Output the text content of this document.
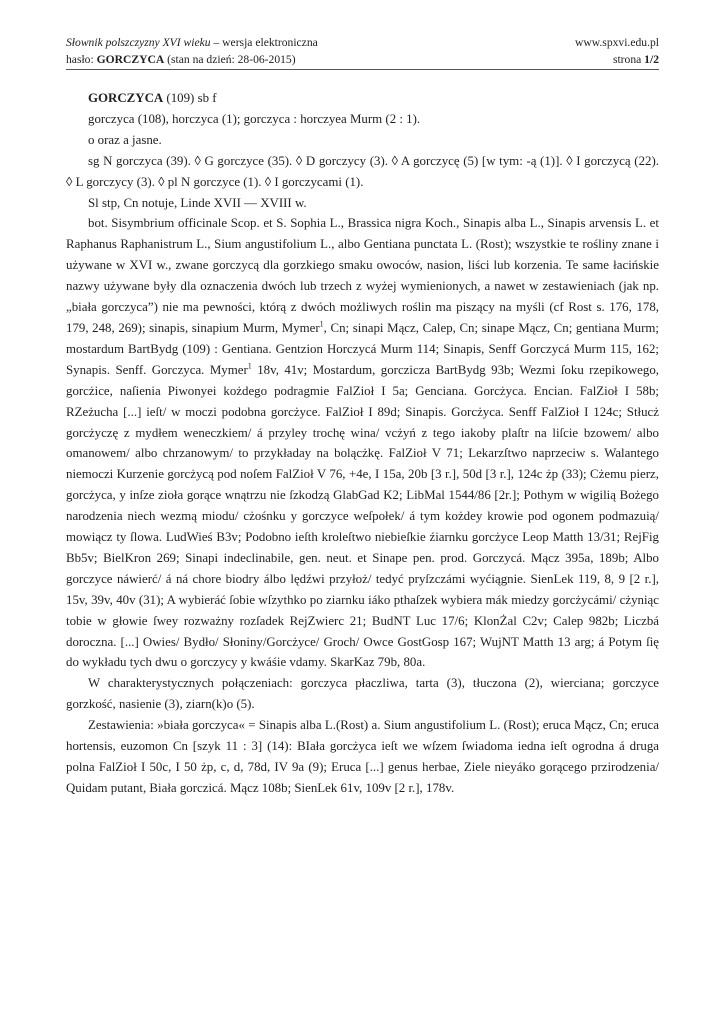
Słownik polszczyzny XVI wieku – wersja elektroniczna
hasło: GORCZYCA (stan na dzień: 28-06-2015)
www.spxvi.edu.pl
strona 1/2

GORCZYCA (109) sb f

gorczyca (108), horczyca (1); gorczyca : horczyea Murm (2 : 1).

o oraz a jasne.

sg N gorczyca (39). ◊ G gorczyce (35). ◊ D gorczycy (3). ◊ A gorczycę (5) [w tym: -ą (1)]. ◊ I gorczycą (22). ◊ L gorczycy (3). ◊ pl N gorczyce (1). ◊ I gorczycami (1).

Sl stp, Cn notuje, Linde XVII — XVIII w.

bot. Sisymbrium officinale Scop. et S. Sophia L., Brassica nigra Koch., Sinapis alba L., Sinapis arvensis L. et Raphanus Raphanistrum L., Sium angustifolium L., albo Gentiana punctata L. (Rost); wszystkie te rośliny znane i używane w XVI w., zwane gorczycą dla gorzkiego smaku owoców, nasion, liści lub korzenia. Te same łacińskie nazwy używane były dla oznaczenia dwóch lub trzech z wyżej wymienionych, a nawet w zestawieniach (jak np. „biała gorczyca”) nie ma pewności, którą z dwóch możliwych roślin ma piszący na myśli (cf Rost s. 176, 178, 179, 248, 269); sinapis, sinapium Murm, Mymer$^1$, Cn; sinapi Mącz, Calep, Cn; sinape Mącz, Cn; gentiana Murm; mostardum BartBydg (109) : Gentiana. Gentzion Horczycá Murm 114; Sinapis, Senff Gorczycá Murm 115, 162; Synapis. Senff. Gorczyca. Mymer$^1$ 18v, 41v; Mostardum, gorczicza BartBydg 93b; Wezmi ſoku rzepikowego, gorcżice, naſienia Piwonyei kożdego podragmie FalZioł I 5a; Genciana. Gorcżyca. Encian. FalZioł I 58b; RZeżucha [...] ieſt/ w moczi podobna gorcżyce. FalZioł I 89d; Sinapis. Gorcżyca. Senff FalZioł I 124c; Stłucż gorcżyczę z mydłem weneczkiem/ á przyley trochę wina/ vcżyń z tego iakoby plaſtr na liſcie bzowem/ albo omanowem/ albo chrzanowym/ to przykładay na bolącżkę. FalZioł V 71; Lekarzſtwo naprzeciw s. Walantego niemoczi Kurzenie gorcżycą pod noſem FalZioł V 76, +4e, I 15a, 20b [3 r.], 50d [3 r.], 124c żp (33); Cżemu pierz, gorcżyca, y inſze zioła gorące wnątrzu nie ſzkodzą GlabGad K2; LibMal 1544/86 [2r.]; Pothym w wigilią Bożego narodzenia niech wezmą miodu/ cżośnku y gorczyce weſpołek/ á tym kożdey krowie pod ogonem podmazuią/ mowiącz ty ſlowa. LudWieś B3v; Podobno ieſth kroleſtwo niebieſkie źiarnku gorcżyce Leop Matth 13/31; RejFig Bb5v; BielKron 269; Sinapi indeclinabile, gen. neut. et Sinape pen. prod. Gorczycá. Mącz 395a, 189b; Albo gorczyce náwierć/ á ná chore biodry álbo lędźwi przyłoż/ tedyć pryſzczámi wyćiągnie. SienLek 119, 8, 9 [2 r.], 15v, 39v, 40v (31); A wybieráć ſobie wſzythko po ziarnku iáko pthaſzek wybiera mák miedzy gorcżycámi/ cżyniąc tobie w głowie ſwey rozważny rozſadek RejZwierc 21; BudNT Luc 17/6; KlonŻal C2v; Calep 982b; Liczbá doroczna. [...] Owies/ Bydło/ Słoniny/Gorcżyce/ Groch/ Owce GostGosp 167; WujNT Matth 13 arg; á Potym ſię do wykładu tych dwu o gorczycy y kwáśie vdamy. SkarKaz 79b, 80a.

W charakterystycznych połączeniach: gorczyca płaczliwa, tarta (3), tłuczona (2), wierciana; gorczyce gorzkość, nasienie (3), ziarn(k)o (5).

Zestawienia: »biała gorczyca« = Sinapis alba L.(Rost) a. Sium angustifolium L. (Rost); eruca Mącz, Cn; eruca hortensis, euzomon Cn [szyk 11 : 3] (14): BIała gorcżyca ieſt we wſzem ſwiadoma iedna ieſt ogrodna á druga polna FalZioł I 50c, I 50 żp, c, d, 78d, IV 9a (9); Eruca [...] genus herbae, Ziele nieyáko gorącego przirodzenia/ Quidam putant, Biała gorczicá. Mącz 108b; SienLek 61v, 109v [2 r.], 178v.
